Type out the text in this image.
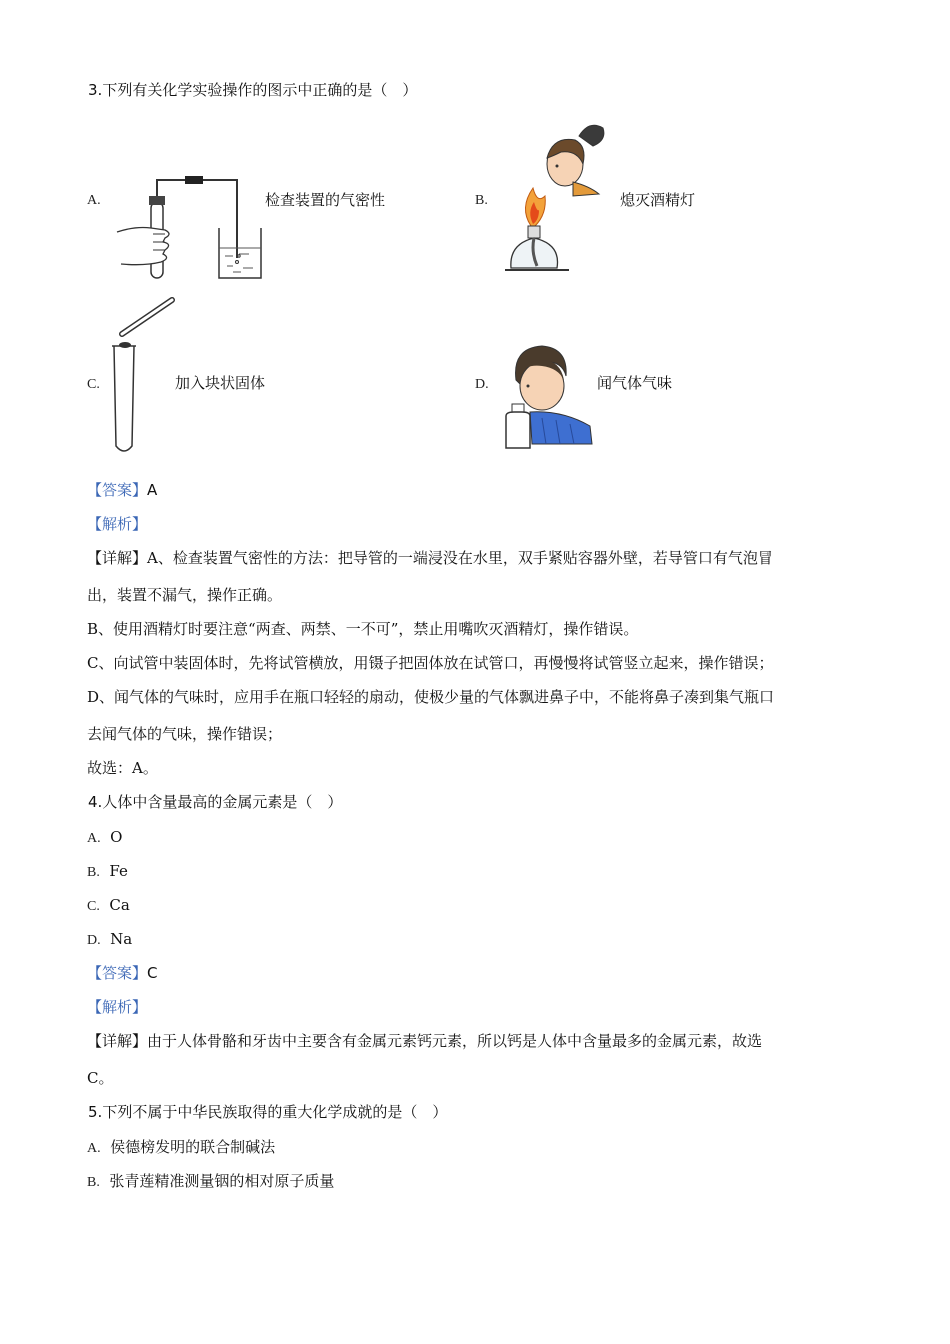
3.下列有关化学实验操作的图示中正确的是（　）
A.	检查装置的气密性	B.	熄灭酒精灯
C.	加入块状固体	D.	闻气体气味
【答案】A
【解析】
【详解】A、检查装置气密性的方法：把导管的一端浸没在水里，双手紧贴容器外壁，若导管口有气泡冒
出，装置不漏气，操作正确。
B、使用酒精灯时要注意“两查、两禁、一不可”，禁止用嘴吹灭酒精灯，操作错误。
C、向试管中装固体时，先将试管横放，用镊子把固体放在试管口，再慢慢将试管竖立起来，操作错误；
D、闻气体的气味时，应用手在瓶口轻轻的扇动，使极少量的气体飘进鼻子中，不能将鼻子凑到集气瓶口
去闻气体的气味，操作错误；
故选：A。
4.人体中含量最高的金属元素是（　）
A. O
B. Fe
C. Ca
D. Na
【答案】C
【解析】
【详解】由于人体骨骼和牙齿中主要含有金属元素钙元素，所以钙是人体中含量最多的金属元素，故选
C。
5.下列不属于中华民族取得的重大化学成就的是（　）
A. 侯德榜发明的联合制碱法
B. 张青莲精准测量铟的相对原子质量
